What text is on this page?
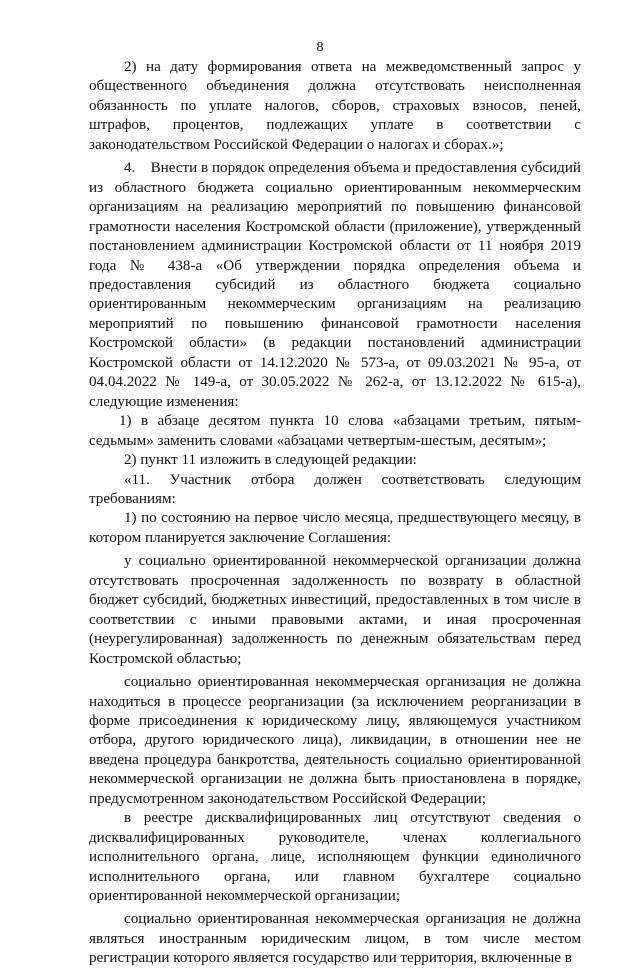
8

2) на дату формирования ответа на межведомственный запрос у общественного объединения должна отсутствовать неисполненная обязанность по уплате налогов, сборов, страховых взносов, пеней, штрафов, процентов, подлежащих уплате в соответствии с законодательством Российской Федерации о налогах и сборах.»;

4.    Внести в порядок определения объема и предоставления субсидий из областного бюджета социально ориентированным некоммерческим организациям на реализацию мероприятий по повышению финансовой грамотности населения Костромской области (приложение), утвержденный постановлением администрации Костромской области от 11 ноября 2019 года № 438-а «Об утверждении порядка определения объема и предоставления субсидий из областного бюджета социально ориентированным некоммерческим организациям на реализацию мероприятий по повышению финансовой грамотности населения Костромской области» (в редакции постановлений администрации Костромской области от 14.12.2020 № 573-а, от 09.03.2021 № 95-а, от 04.04.2022 № 149-а, от 30.05.2022 № 262-а, от 13.12.2022 № 615-а), следующие изменения:

1) в абзаце десятом пункта 10 слова «абзацами третьим, пятым-седьмым» заменить словами «абзацами четвертым-шестым, десятым»;

2) пункт 11 изложить в следующей редакции:

«11. Участник отбора должен соответствовать следующим требованиям:

1) по состоянию на первое число месяца, предшествующего месяцу, в котором планируется заключение Соглашения:

у социально ориентированной некоммерческой организации должна отсутствовать просроченная задолженность по возврату в областной бюджет субсидий, бюджетных инвестиций, предоставленных в том числе в соответствии с иными правовыми актами, и иная просроченная (неурегулированная) задолженность по денежным обязательствам перед Костромской областью;

социально ориентированная некоммерческая организация не должна находиться в процессе реорганизации (за исключением реорганизации в форме присоединения к юридическому лицу, являющемуся участником отбора, другого юридического лица), ликвидации, в отношении нее не введена процедура банкротства, деятельность социально ориентированной некоммерческой организации не должна быть приостановлена в порядке, предусмотренном законодательством Российской Федерации;

в реестре дисквалифицированных лиц отсутствуют сведения о дисквалифицированных руководителе, членах коллегиального исполнительного органа, лице, исполняющем функции единоличного исполнительного органа, или главном бухгалтере социально ориентированной некоммерческой организации;

социально ориентированная некоммерческая организация не должна являться иностранным юридическим лицом, в том числе местом регистрации которого является государство или территория, включенные в
